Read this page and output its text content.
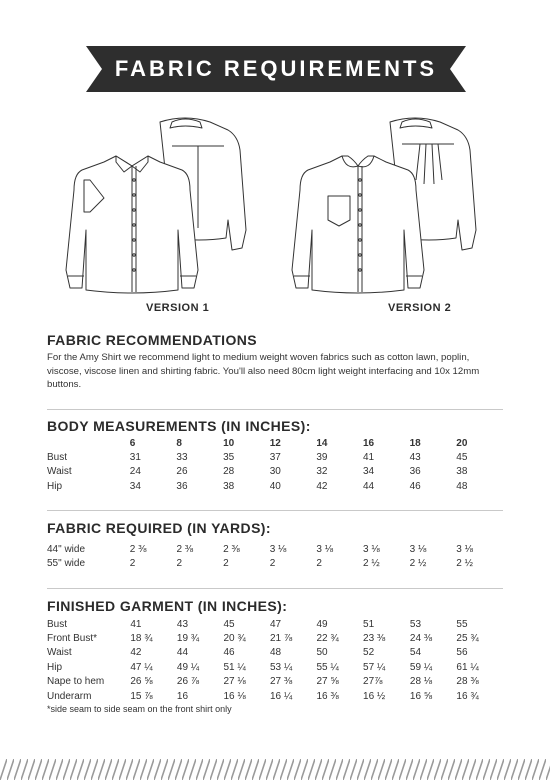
FABRIC REQUIREMENTS
VERSION 1	VERSION 2
FABRIC RECOMMENDATIONS
For the Amy Shirt we recommend light to medium weight woven fabrics such as cotton lawn, poplin, viscose, viscose linen and shirting fabric. You'll also need 80cm light weight interfacing and 10x 12mm buttons.
BODY MEASUREMENTS (IN INCHES):
	6	8	10	12	14	16	18	20
Bust	31	33	35	37	39	41	43	45
Waist	24	26	28	30	32	34	36	38
Hip	34	36	38	40	42	44	46	48
FABRIC REQUIRED (IN YARDS):
44" wide	2 ⅜	2 ⅜	2 ⅜	3 ⅛	3 ⅛	3 ⅛	3 ⅛	3 ⅛
55" wide	2	2	2	2	2	2 ½	2 ½	2 ½
FINISHED GARMENT (IN INCHES):
Bust	41	43	45	47	49	51	53	55
Front Bust*	18 ¾	19 ¾	20 ¾	21 ⅞	22 ¾	23 ⅜	24 ⅜	25 ¾
Waist	42	44	46	48	50	52	54	56
Hip	47 ¼	49 ¼	51 ¼	53 ¼	55 ¼	57 ¼	59 ¼	61 ¼
Nape to hem	26 ⅝	26 ⅞	27 ⅛	27 ⅜	27 ⅝	27⅞	28 ⅛	28 ⅜
Underarm	15 ⅞	16	16 ⅛	16 ¼	16 ⅜	16 ½	16 ⅝	16 ¾
*side seam to side seam on the front shirt only
